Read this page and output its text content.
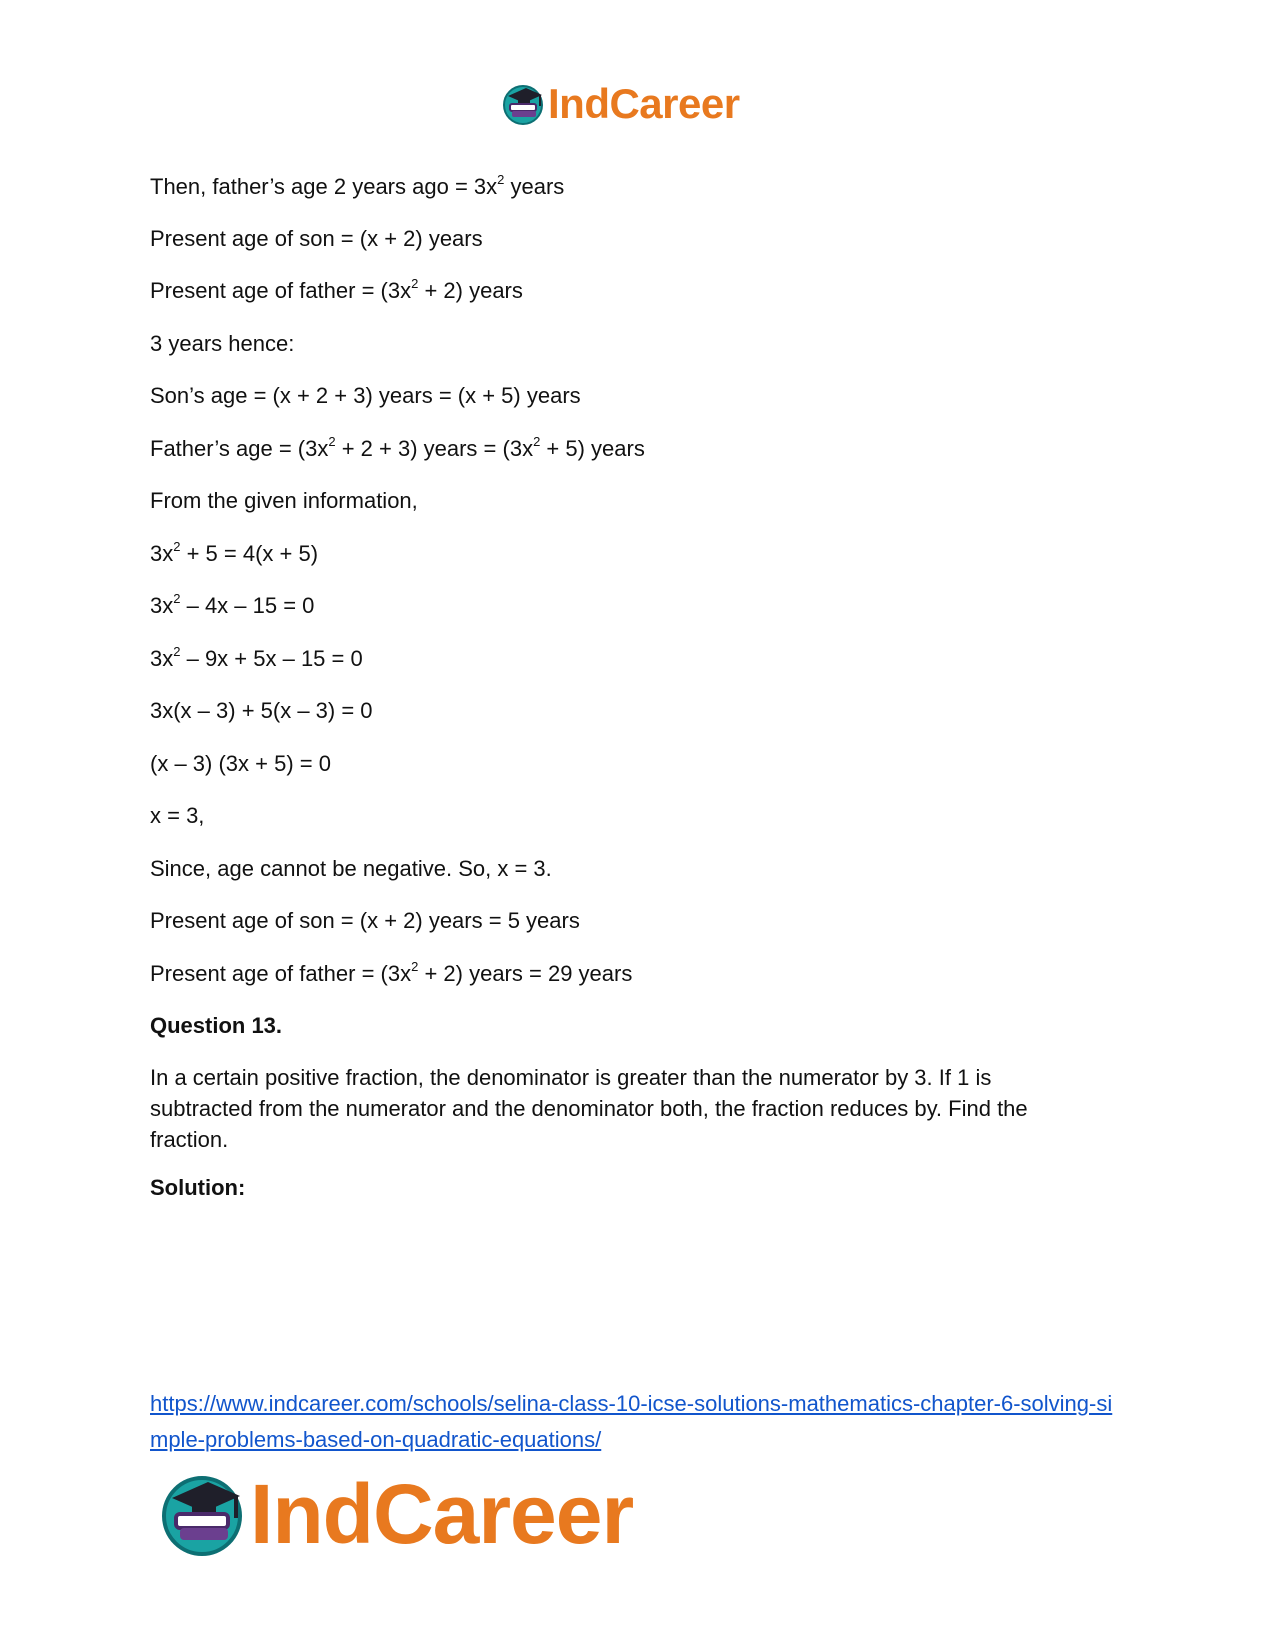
IndCareer
Then, father’s age 2 years ago = $3x^2$ years
Present age of son = (x + 2) years
Present age of father = $(3x^2 + 2)$ years
3 years hence:
Son’s age = (x + 2 + 3) years = (x + 5) years
Father’s age = $(3x^2 + 2 + 3)$ years = $(3x^2 + 5)$ years
From the given information,
$3x^2 + 5 = 4(x + 5)$
$3x^2 - 4x - 15 = 0$
$3x^2 - 9x + 5x - 15 = 0$
3x(x – 3) + 5(x – 3) = 0
(x – 3) (3x + 5) = 0
x = 3,
Since, age cannot be negative. So, x = 3.
Present age of son = (x + 2) years = 5 years
Present age of father = $(3x^2 + 2)$ years = 29 years
Question 13.
In a certain positive fraction, the denominator is greater than the numerator by 3. If 1 is subtracted from the numerator and the denominator both, the fraction reduces by. Find the fraction.
Solution:
https://www.indcareer.com/schools/selina-class-10-icse-solutions-mathematics-chapter-6-solving-simple-problems-based-on-quadratic-equations/
IndCareer
